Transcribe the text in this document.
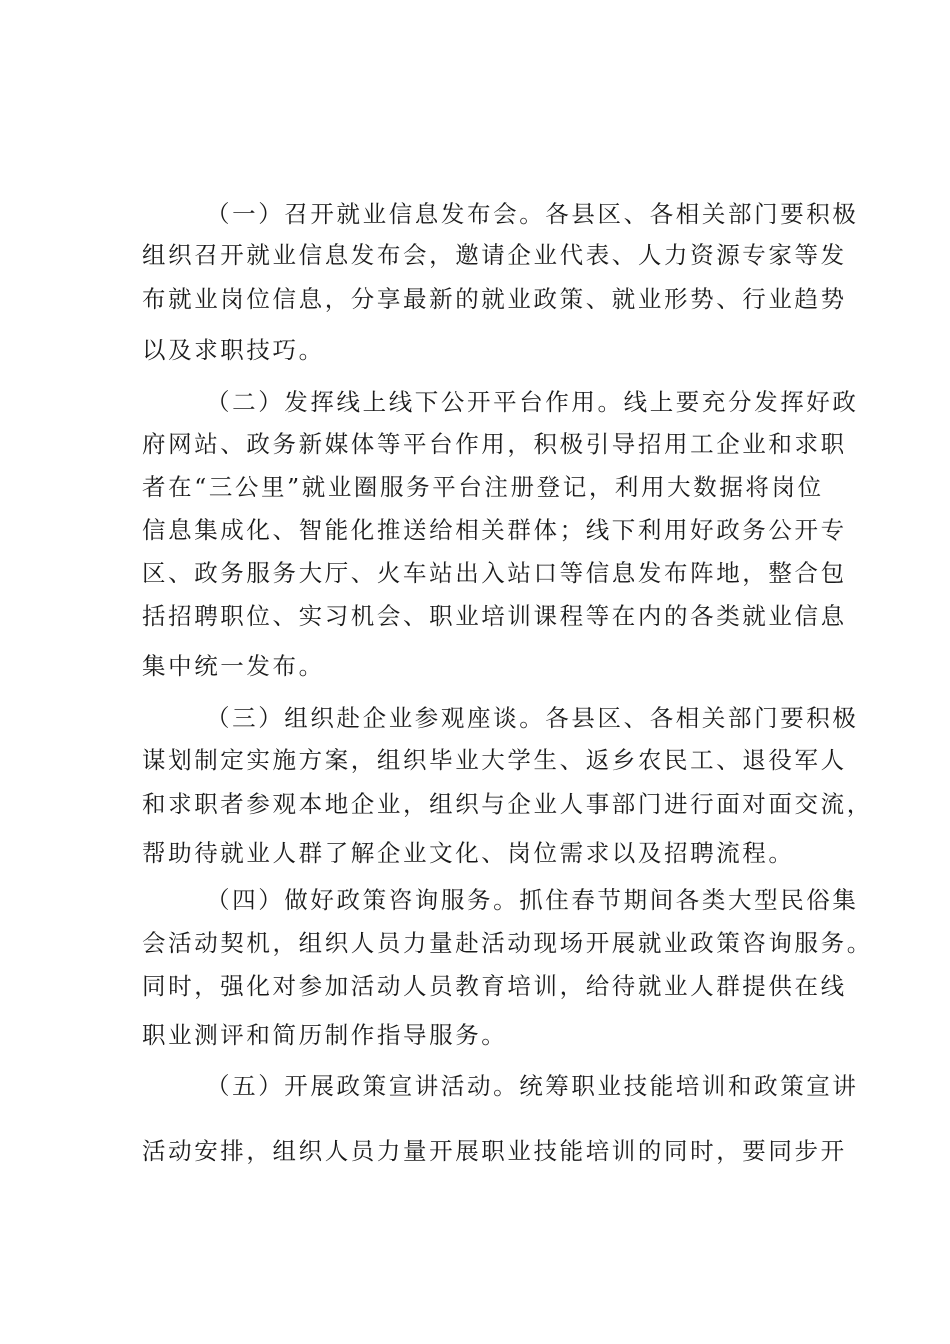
（一）召开就业信息发布会。各县区、各相关部门要积极
组织召开就业信息发布会，邀请企业代表、人力资源专家等发
布就业岗位信息，分享最新的就业政策、就业形势、行业趋势
以及求职技巧。
（二）发挥线上线下公开平台作用。线上要充分发挥好政
府网站、政务新媒体等平台作用，积极引导招用工企业和求职
者在“三公里”就业圈服务平台注册登记，利用大数据将岗位
信息集成化、智能化推送给相关群体；线下利用好政务公开专
区、政务服务大厅、火车站出入站口等信息发布阵地，整合包
括招聘职位、实习机会、职业培训课程等在内的各类就业信息
集中统一发布。
（三）组织赴企业参观座谈。各县区、各相关部门要积极
谋划制定实施方案，组织毕业大学生、返乡农民工、退役军人
和求职者参观本地企业，组织与企业人事部门进行面对面交流，
帮助待就业人群了解企业文化、岗位需求以及招聘流程。
（四）做好政策咨询服务。抓住春节期间各类大型民俗集
会活动契机，组织人员力量赴活动现场开展就业政策咨询服务。
同时，强化对参加活动人员教育培训，给待就业人群提供在线
职业测评和简历制作指导服务。
（五）开展政策宣讲活动。统筹职业技能培训和政策宣讲
活动安排，组织人员力量开展职业技能培训的同时，要同步开
